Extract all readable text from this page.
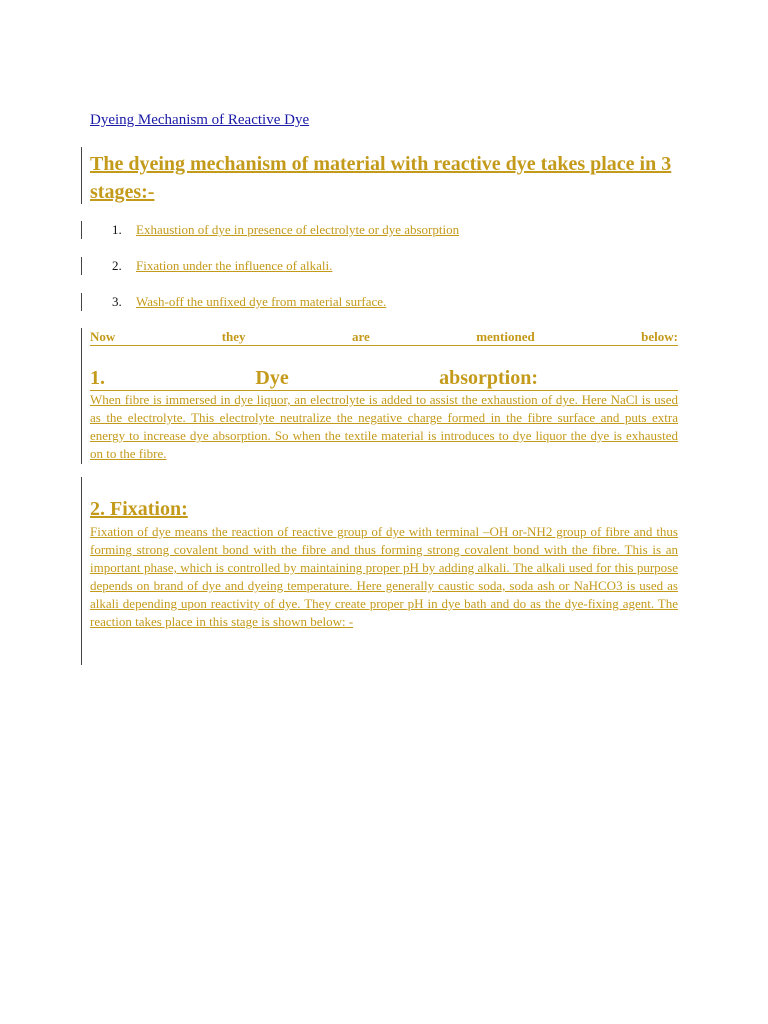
Dyeing Mechanism of Reactive Dye
The dyeing mechanism of material with reactive dye takes place in 3 stages:-
1. Exhaustion of dye in presence of electrolyte or dye absorption
2. Fixation under the influence of alkali.
3. Wash-off the unfixed dye from material surface.
Now	they	are	mentioned	below:
1.	Dye	absorption:
When fibre is immersed in dye liquor, an electrolyte is added to assist the exhaustion of dye. Here NaCl is used as the electrolyte. This electrolyte neutralize the negative charge formed in the fibre surface and puts extra energy to increase dye absorption. So when the textile material is introduces to dye liquor the dye is exhausted on to the fibre.
2. Fixation:
Fixation of dye means the reaction of reactive group of dye with terminal –OH or-NH2 group of fibre and thus forming strong covalent bond with the fibre and thus forming strong covalent bond with the fibre. This is an important phase, which is controlled by maintaining proper pH by adding alkali. The alkali used for this purpose depends on brand of dye and dyeing temperature. Here generally caustic soda, soda ash or NaHCO3 is used as alkali depending upon reactivity of dye. They create proper pH in dye bath and do as the dye-fixing agent. The reaction takes place in this stage is shown below: -
